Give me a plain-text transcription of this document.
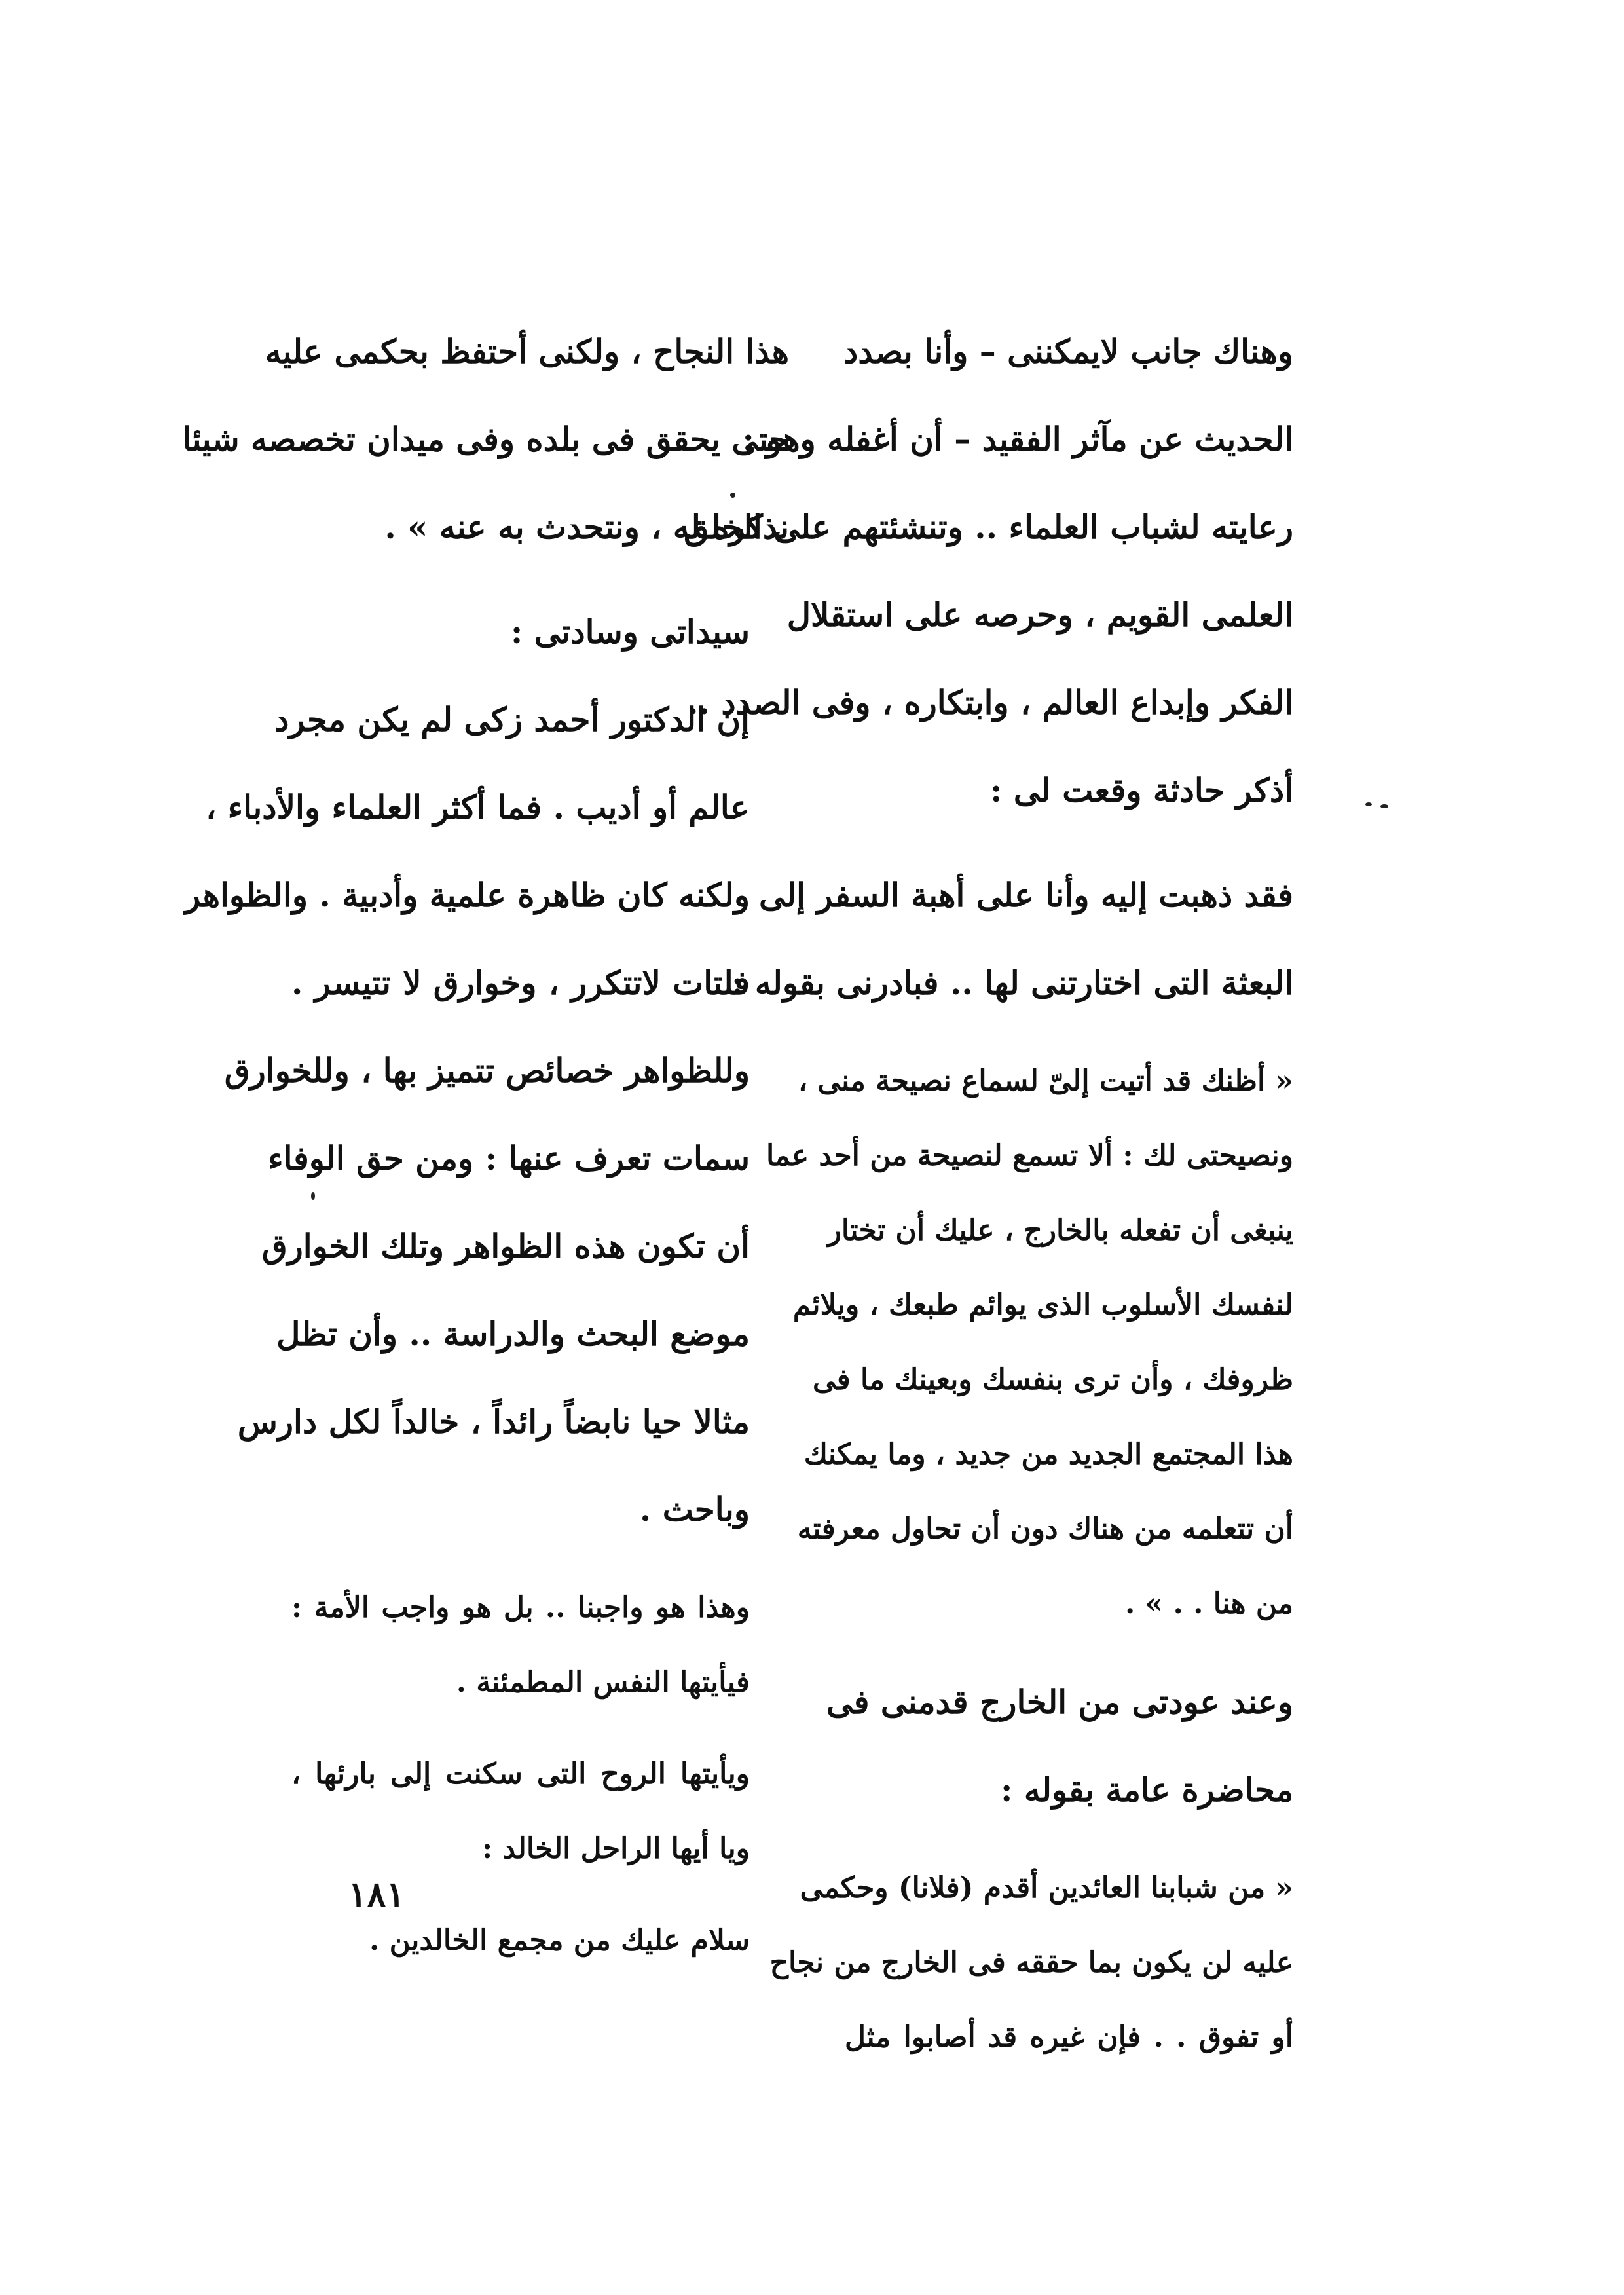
وهناك جانب لايمكننى – وأنا بصدد
الحديث عن مآثر الفقيد – أن أغفله وهو :
رعايته لشباب العلماء .. وتنشئتهم على الخلق
العلمى القويم ، وحرصه على استقلال
الفكر وإبداع العالم ، وابتكاره ، وفى الصدد ..
أذكر حادثة وقعت لى :

فقد ذهبت إليه وأنا على أهبة السفر إلى
البعثة التى اختارتنى لها .. فبادرنى بقوله :

« أظنك قد أتيت إلىّ لسماع نصيحة منى ،
ونصيحتى لك : ألا تسمع لنصيحة من أحد عما
ينبغى أن تفعله بالخارج ، عليك أن تختار
لنفسك الأسلوب الذى يوائم طبعك ، ويلائم
ظروفك ، وأن ترى بنفسك وبعينك ما فى
هذا المجتمع الجديد من جديد ، وما يمكنك
أن تتعلمه من هناك دون أن تحاول معرفته
من هنا . . » .

وعند عودتى من الخارج قدمنى فى
محاضرة عامة بقوله :

« من شبابنا العائدين أقدم (فلانا) وحكمى
عليه لن يكون بما حققه فى الخارج من نجاح
أو تفوق . . فإن غيره قد أصابوا مثل

هذا النجاح ، ولكنى أحتفظ بحكمى عليه
حتى يحقق فى بلده وفى ميدان تخصصه شيئا
نذكره له ، ونتحدث به عنه » .

سيداتى وسادتى :

إن الدكتور أحمد زكى لم يكن مجرد
عالم أو أديب . فما أكثر العلماء والأدباء ،
ولكنه كان ظاهرة علمية وأدبية . والظواهر
فلتات لاتتكرر ، وخوارق لا تتيسر .
وللظواهر خصائص تتميز بها ، وللخوارق
سمات تعرف عنها : ومن حق الوفاء
أن تكون هذه الظواهر وتلك الخوارق
موضع البحث والدراسة .. وأن تظل
مثالا حيا نابضاً رائداً ، خالداً لكل دارس
وباحث .

وهذا هو واجبنا .. بل هو واجب الأمة :
فيأيتها النفس المطمئنة .

ويأيتها الروح التى سكنت إلى بارئها ،
ويا أيها الراحل الخالد :

سلام عليك من مجمع الخالدين .

١٨١
